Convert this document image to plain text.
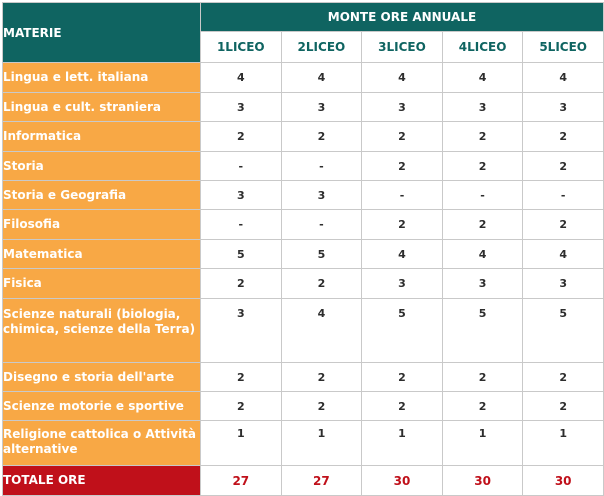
MATERIE	MONTE ORE ANNUALE				
	1LICEO	2LICEO	3LICEO	4LICEO	5LICEO
Lingua e lett. italiana	4	4	4	4	4
Lingua e cult. straniera	3	3	3	3	3
Informatica	2	2	2	2	2
Storia	-	-	2	2	2
Storia e Geografia	3	3	-	-	-
Filosofia	-	-	2	2	2
Matematica	5	5	4	4	4
Fisica	2	2	3	3	3
Scienze naturali (biologia, chimica, scienze della Terra)	3	4	5	5	5
Disegno e storia dell'arte	2	2	2	2	2
Scienze motorie e sportive	2	2	2	2	2
Religione cattolica o Attività alternative	1	1	1	1	1
TOTALE ORE	27	27	30	30	30
